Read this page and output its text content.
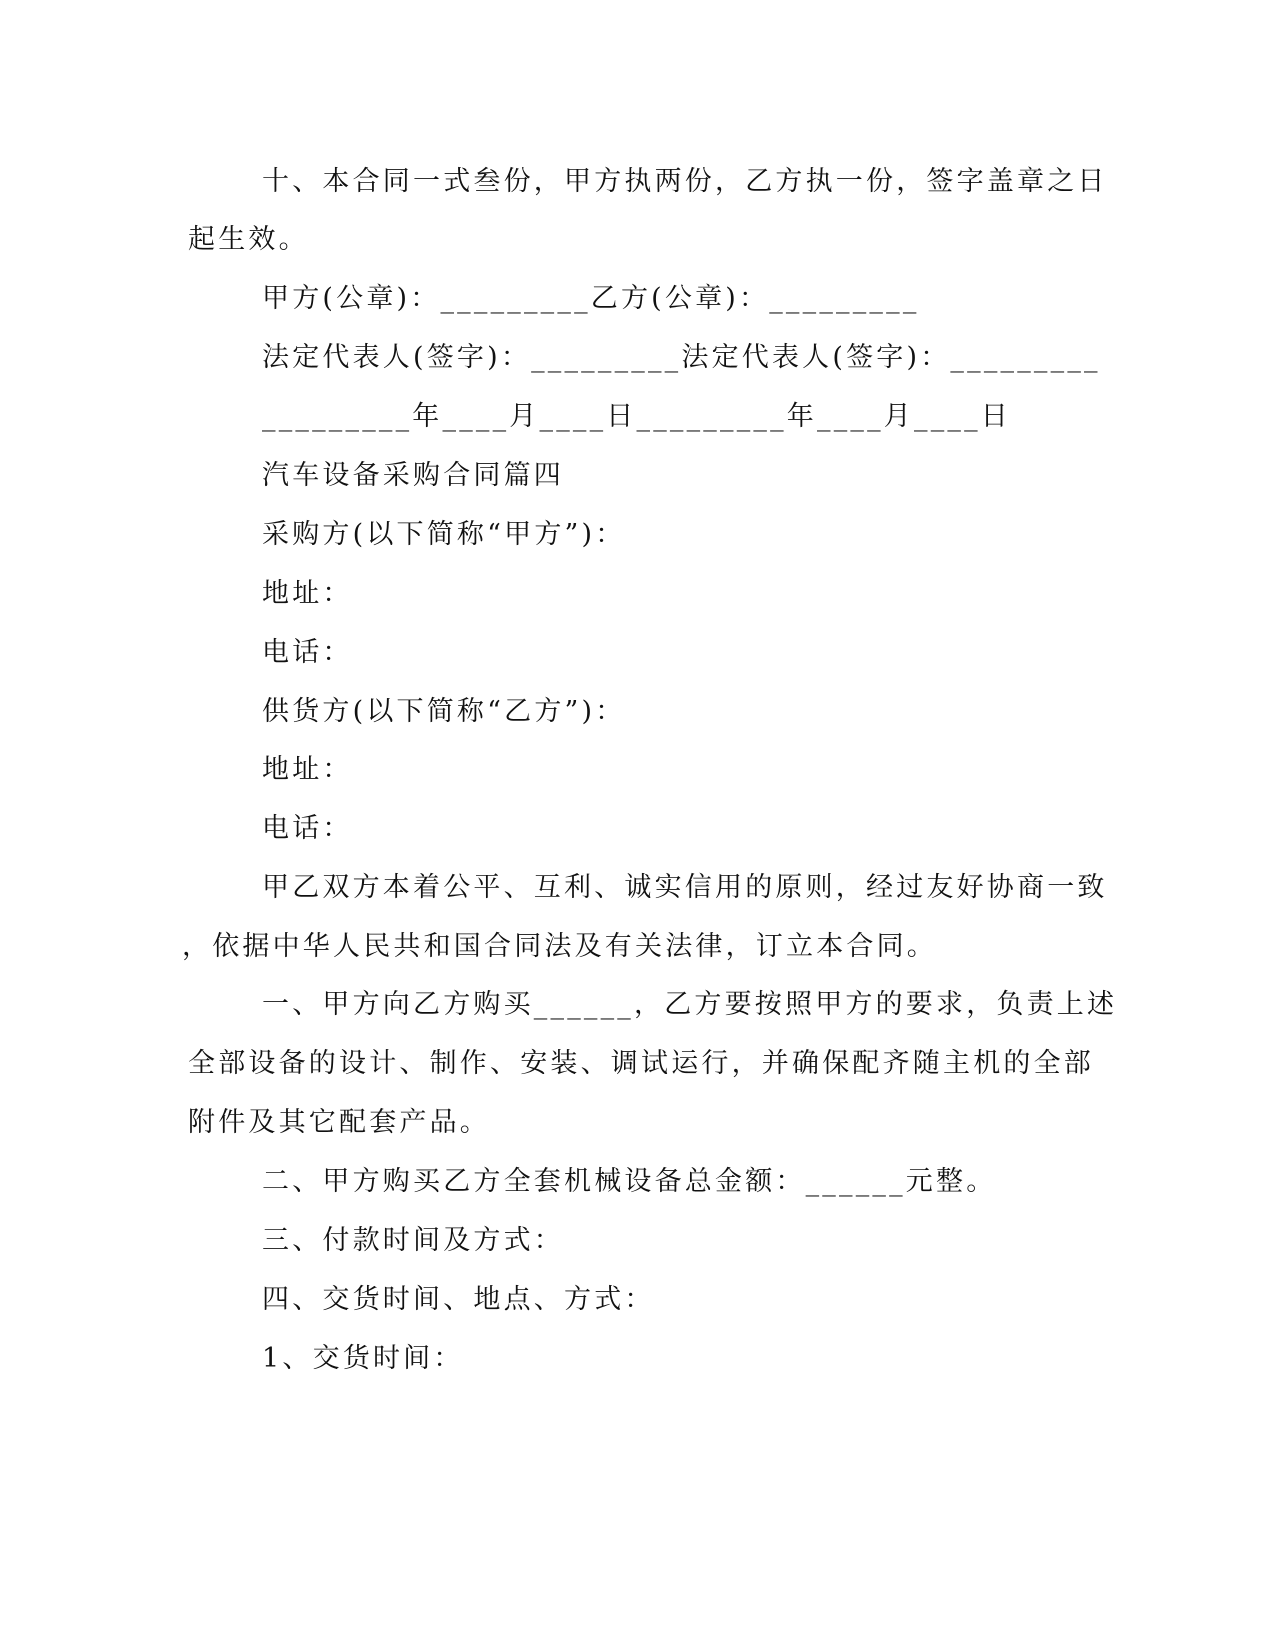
十、本合同一式叁份，甲方执两份，乙方执一份，签字盖章之日
起生效。
甲方(公章)：_________乙方(公章)：_________
法定代表人(签字)：_________法定代表人(签字)：_________
_________年____月____日_________年____月____日
汽车设备采购合同篇四
采购方(以下简称“甲方”)：
地址：
电话：
供货方(以下简称“乙方”)：
地址：
电话：
甲乙双方本着公平、互利、诚实信用的原则，经过友好协商一致
，依据中华人民共和国合同法及有关法律，订立本合同。
一、甲方向乙方购买______，乙方要按照甲方的要求，负责上述
全部设备的设计、制作、安装、调试运行，并确保配齐随主机的全部
附件及其它配套产品。
二、甲方购买乙方全套机械设备总金额：______元整。
三、付款时间及方式：
四、交货时间、地点、方式：
1、交货时间：
